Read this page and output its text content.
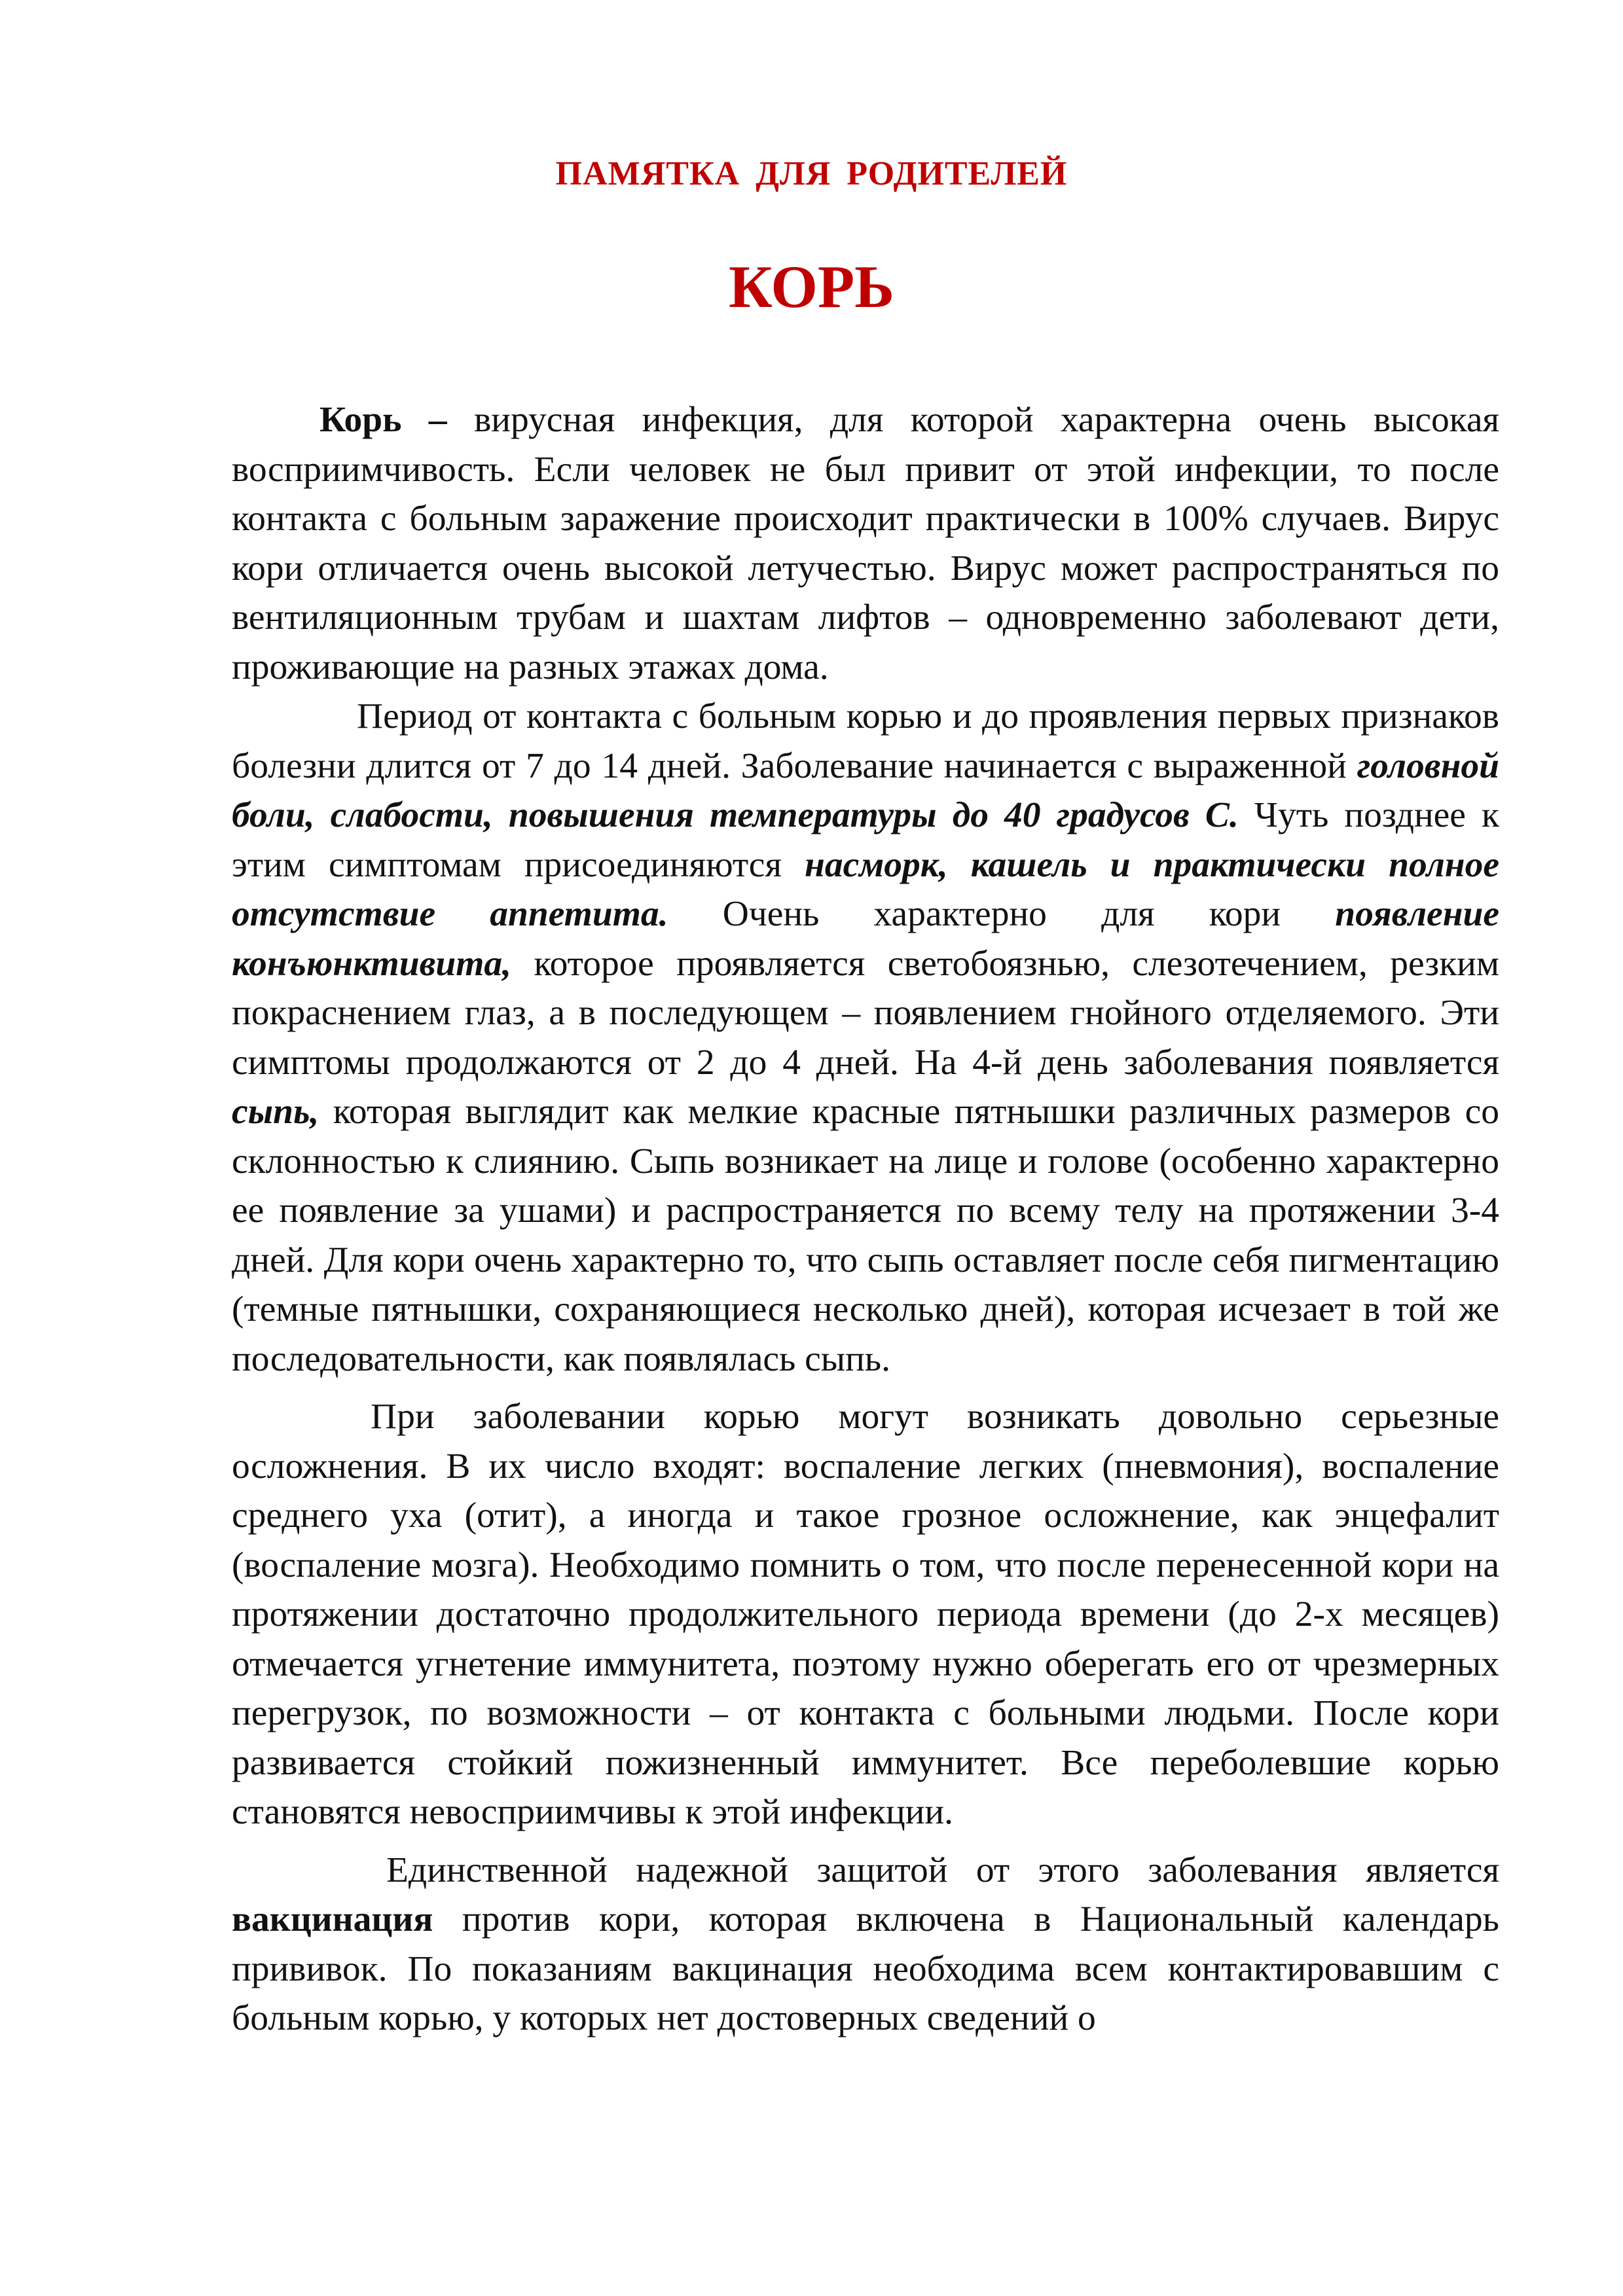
ПАМЯТКА ДЛЯ РОДИТЕЛЕЙ
КОРЬ

Корь – вирусная инфекция, для которой характерна очень высокая восприимчивость. Если человек не был привит от этой инфекции, то после контакта с больным заражение происходит практически в 100% случаев. Вирус кори отличается очень высокой летучестью. Вирус может распространяться по вентиляционным трубам и шахтам лифтов – одновременно заболевают дети, проживающие на разных этажах дома.

Период от контакта с больным корью и до проявления первых признаков болезни длится от 7 до 14 дней. Заболевание начинается с выраженной головной боли, слабости, повышения температуры до 40 градусов С. Чуть позднее к этим симптомам присоединяются насморк, кашель и практически полное отсутствие аппетита. Очень характерно для кори появление конъюнктивита, которое проявляется светобоязнью, слезотечением, резким покраснением глаз, а в последующем – появлением гнойного отделяемого. Эти симптомы продолжаются от 2 до 4 дней. На 4-й день заболевания появляется сыпь, которая выглядит как мелкие красные пятнышки различных размеров со склонностью к слиянию. Сыпь возникает на лице и голове (особенно характерно ее появление за ушами) и распространяется по всему телу на протяжении 3-4 дней. Для кори очень характерно то, что сыпь оставляет после себя пигментацию (темные пятнышки, сохраняющиеся несколько дней), которая исчезает в той же последовательности, как появлялась сыпь.

При заболевании корью могут возникать довольно серьезные осложнения. В их число входят: воспаление легких (пневмония), воспаление среднего уха (отит), а иногда и такое грозное осложнение, как энцефалит (воспаление мозга). Необходимо помнить о том, что после перенесенной кори на протяжении достаточно продолжительного периода времени (до 2-х месяцев) отмечается угнетение иммунитета, поэтому нужно оберегать его от чрезмерных перегрузок, по возможности – от контакта с больными людьми. После кори развивается стойкий пожизненный иммунитет. Все переболевшие корью становятся невосприимчивы к этой инфекции.

Единственной надежной защитой от этого заболевания является вакцинация против кори, которая включена в Национальный календарь прививок. По показаниям вакцинация необходима всем контактировавшим с больным корью, у которых нет достоверных сведений о
